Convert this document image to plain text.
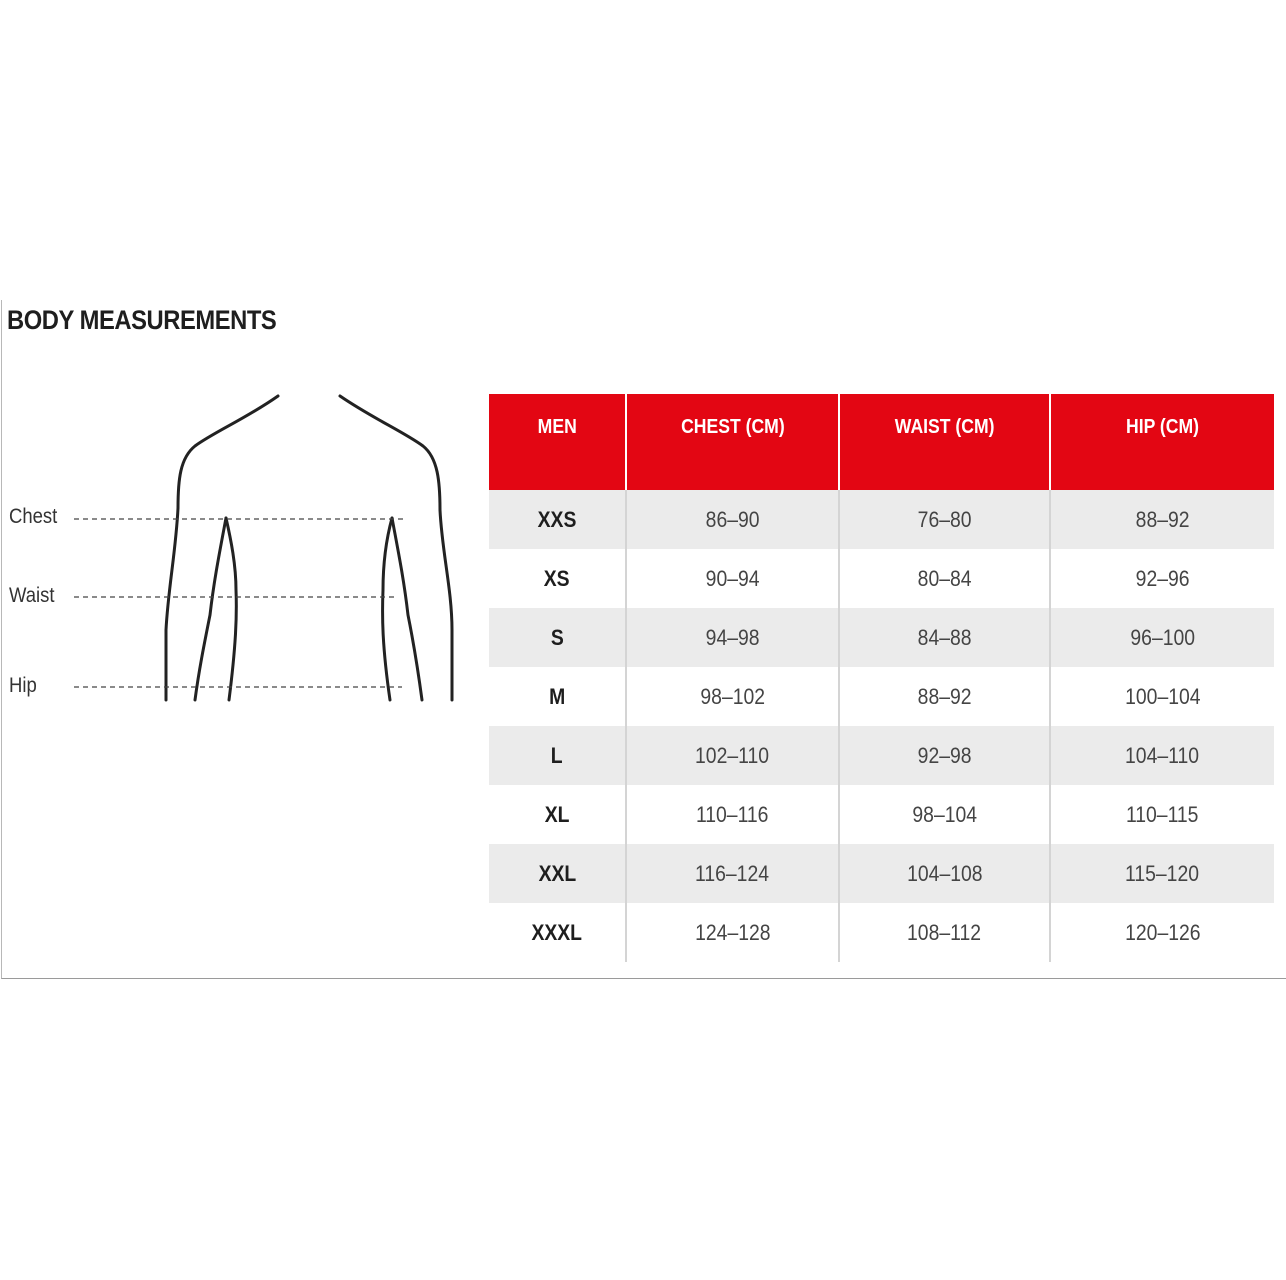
BODY MEASUREMENTS
Chest
Waist
Hip
MEN	CHEST (CM)	WAIST (CM)	HIP (CM)
XXS	86–90	76–80	88–92
XS	90–94	80–84	92–96
S	94–98	84–88	96–100
M	98–102	88–92	100–104
L	102–110	92–98	104–110
XL	110–116	98–104	110–115
XXL	116–124	104–108	115–120
XXXL	124–128	108–112	120–126
